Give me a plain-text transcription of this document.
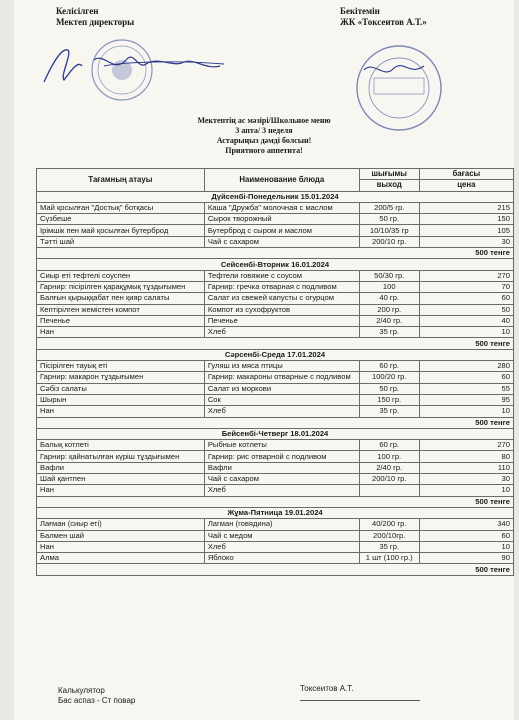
Келісілген
Мектеп директоры
Бекітемін
ЖК «Токсеитов А.Т.»
Мектептің ас мәзірі/Школьное меню
3 апта/ 3 неделя
Астарыңыз дәмді болсын!
Приятного аппетита!
Тағамның атауы	Наименование блюда	шығымы	бағасы
		выход	цена
Дүйсенбі-Понедельник 15.01.2024			
Май қосылған "Достық" ботқасы	Каша "Дружба" молочная с маслом	200/5 гр.	215
Сүзбеше	Сырок творожный	50 гр.	150
Ірімшік пен май қосылған бутерброд	Бутерброд с сыром и маслом	10/10/35 гр	105
Тәтті шай	Чай с сахаром	200/10 гр.	30
500 тенге			
Сейсенбі-Вторник 16.01.2024			
Сиыр еті тефтелі соуспен	Тефтели говяжие с соусом	50/30 гр.	270
Гарнир: пісірілген қарақұмық тұздығымен	Гарнир: гречка отварная с подливом	100	70
Балғын қырыққабат пен қияр салаты	Салат из свежей капусты с огурцом	40 гр.	60
Кептірілген жемістен компот	Компот из сухофруктов	200 гр.	50
Печенье	Печенье	2/40 гр.	40
Нан	Хлеб	35 гр.	10
500 тенге			
Сәрсенбі-Среда 17.01.2024			
Пісірілген тауық еті	Гуляш из мяса птицы	60 гр.	280
Гарнир: макарон тұздығымен	Гарнир: макароны отварные с подливом	100/20 гр.	60
Сәбіз салаты	Салат из моркови	50 гр.	55
Шырын	Сок	150 гр.	95
Нан	Хлеб	35 гр.	10
500 тенге			
Бейсенбі-Четверг 18.01.2024			
Балық котлеті	Рыбные котлеты	60 гр.	270
Гарнир: қайнатылған күріш тұздығымен	Гарнир: рис отварной с подливом	100 гр.	80
Вафли	Вафли	2/40 гр.	110
Шай қантпен	Чай с сахаром	200/10 гр.	30
Нан	Хлеб		10
500 тенге			
Жұма-Пятница 19.01.2024			
Лағман (сиыр еті)	Лагман (говядина)	40/200 гр.	340
Балмен шай	Чай с медом	200/10гр.	60
Нан	Хлеб	35 гр.	10
Алма	Яблоко	1 шт (100 гр.)	90
500 тенге			
Калькулятор
Бас аспаз - Ст повар
Токсеитов А.Т.
